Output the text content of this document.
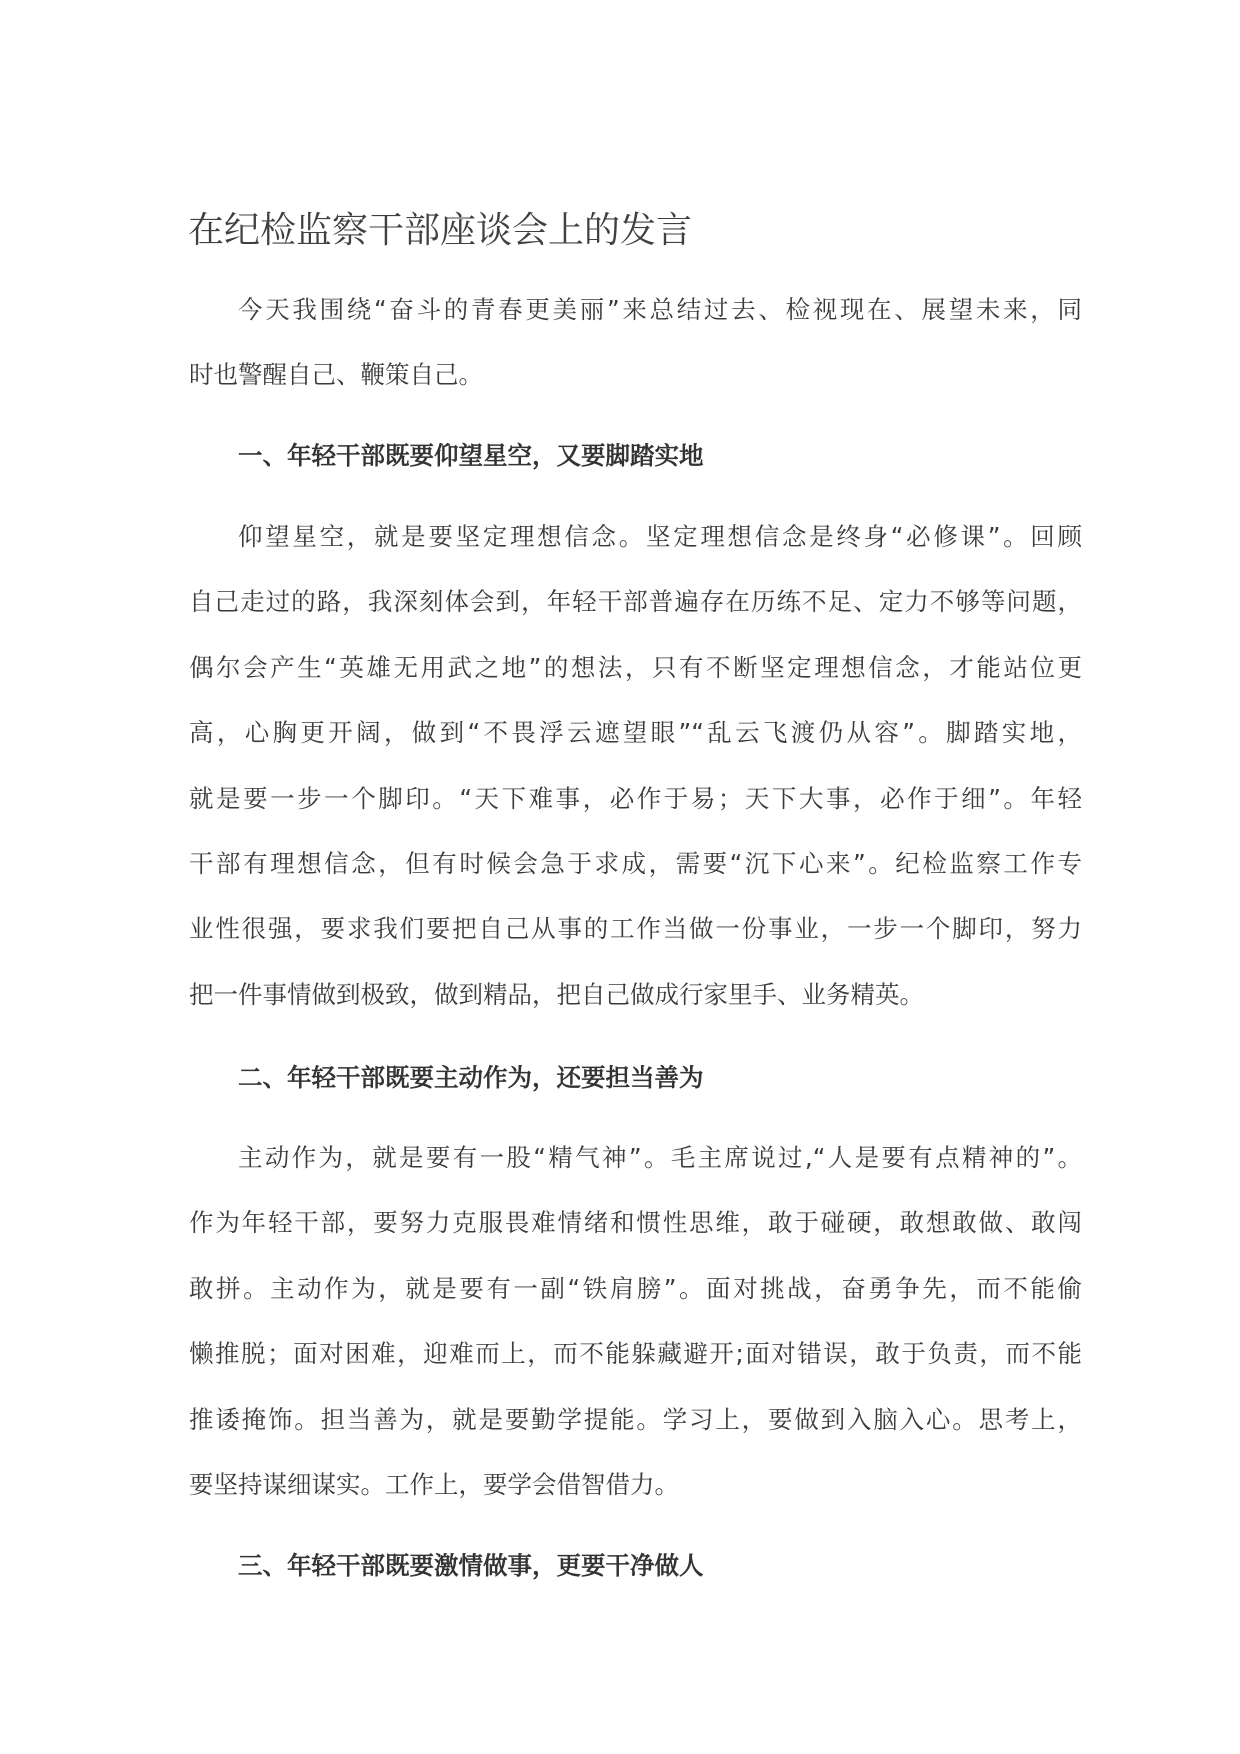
在纪检监察干部座谈会上的发言
今天我围绕“奋斗的青春更美丽”来总结过去、检视现在、展望未来，同
时也警醒自己、鞭策自己。
一、年轻干部既要仰望星空，又要脚踏实地
仰望星空，就是要坚定理想信念。坚定理想信念是终身“必修课”。回顾
自己走过的路，我深刻体会到，年轻干部普遍存在历练不足、定力不够等问题，
偶尔会产生“英雄无用武之地”的想法，只有不断坚定理想信念，才能站位更
高，心胸更开阔，做到“不畏浮云遮望眼”“乱云飞渡仍从容”。脚踏实地，
就是要一步一个脚印。“天下难事，必作于易；天下大事，必作于细”。年轻
干部有理想信念，但有时候会急于求成，需要“沉下心来”。纪检监察工作专
业性很强，要求我们要把自己从事的工作当做一份事业，一步一个脚印，努力
把一件事情做到极致，做到精品，把自己做成行家里手、业务精英。
二、年轻干部既要主动作为，还要担当善为
主动作为，就是要有一股“精气神”。毛主席说过,“人是要有点精神的”。
作为年轻干部，要努力克服畏难情绪和惯性思维，敢于碰硬，敢想敢做、敢闯
敢拼。主动作为，就是要有一副“铁肩膀”。面对挑战，奋勇争先，而不能偷
懒推脱；面对困难，迎难而上，而不能躲藏避开;面对错误，敢于负责，而不能
推诿掩饰。担当善为，就是要勤学提能。学习上，要做到入脑入心。思考上，
要坚持谋细谋实。工作上，要学会借智借力。
三、年轻干部既要激情做事，更要干净做人
